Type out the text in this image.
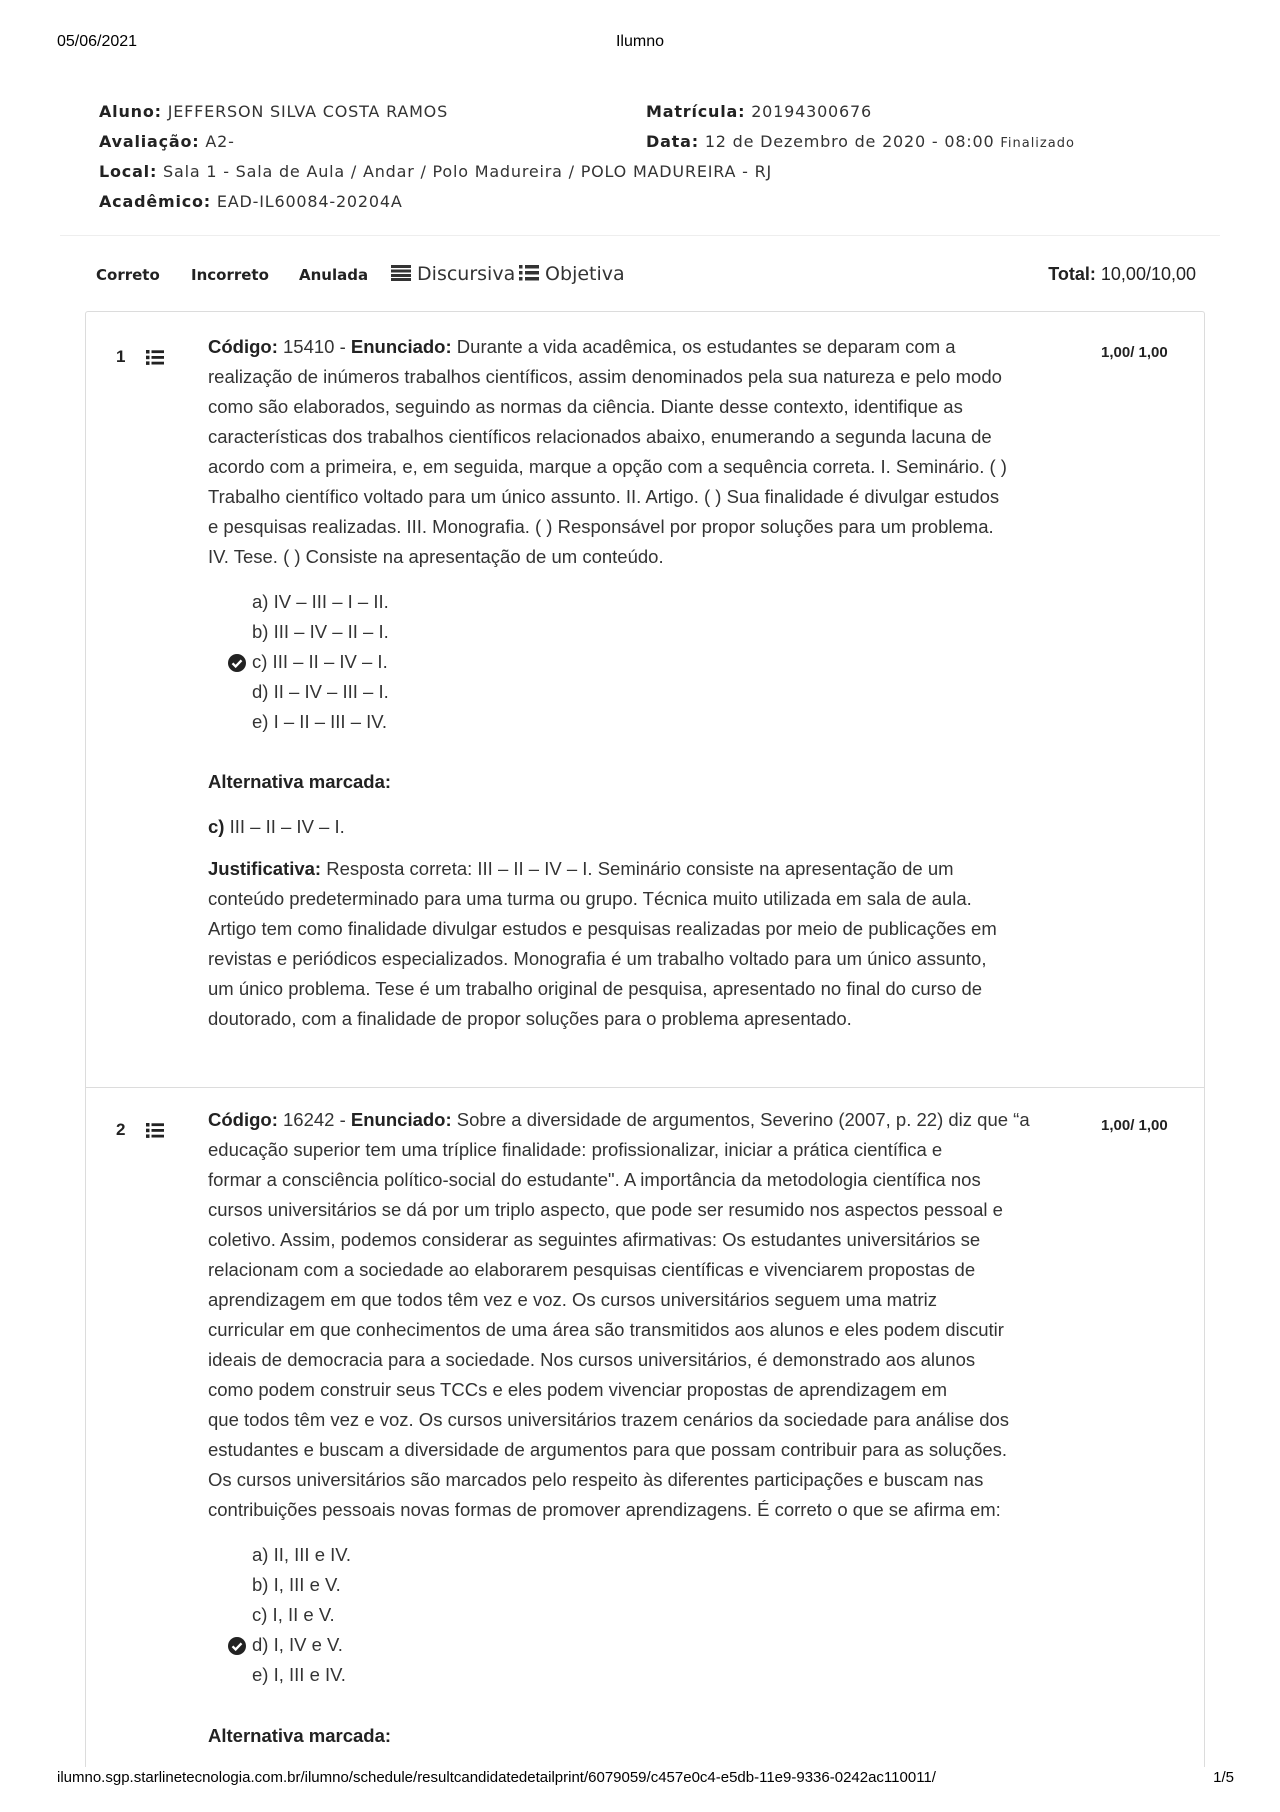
05/06/2021	Ilumno
Aluno: JEFFERSON SILVA COSTA RAMOS	Matrícula: 20194300676
Avaliação: A2-	Data: 12 de Dezembro de 2020 - 08:00 Finalizado
Local: Sala 1 - Sala de Aula / Andar / Polo Madureira / POLO MADUREIRA - RJ
Acadêmico: EAD-IL60084-20204A
Correto Incorreto Anulada	Discursiva	Objetiva	Total: 10,00/10,00
1	1,00/ 1,00
Código: 15410 - Enunciado: Durante a vida acadêmica, os estudantes se deparam com a
realização de inúmeros trabalhos científicos, assim denominados pela sua natureza e pelo modo
como são elaborados, seguindo as normas da ciência. Diante desse contexto, identifique as
características dos trabalhos científicos relacionados abaixo, enumerando a segunda lacuna de
acordo com a primeira, e, em seguida, marque a opção com a sequência correta. I. Seminário. ( )
Trabalho científico voltado para um único assunto. II. Artigo. ( ) Sua finalidade é divulgar estudos
e pesquisas realizadas. III. Monografia. ( ) Responsável por propor soluções para um problema.
IV. Tese. ( ) Consiste na apresentação de um conteúdo.
a) IV – III – I – II.
b) III – IV – II – I.
c) III – II – IV – I.
d) II – IV – III – I.
e) I – II – III – IV.
Alternativa marcada:
c) III – II – IV – I.
Justificativa: Resposta correta: III – II – IV – I. Seminário consiste na apresentação de um
conteúdo predeterminado para uma turma ou grupo. Técnica muito utilizada em sala de aula.
Artigo tem como finalidade divulgar estudos e pesquisas realizadas por meio de publicações em
revistas e periódicos especializados. Monografia é um trabalho voltado para um único assunto,
um único problema. Tese é um trabalho original de pesquisa, apresentado no final do curso de
doutorado, com a finalidade de propor soluções para o problema apresentado.
2	1,00/ 1,00
Código: 16242 - Enunciado: Sobre a diversidade de argumentos, Severino (2007, p. 22) diz que “a
educação superior tem uma tríplice finalidade: profissionalizar, iniciar a prática científica e
formar a consciência político-social do estudante". A importância da metodologia científica nos
cursos universitários se dá por um triplo aspecto, que pode ser resumido nos aspectos pessoal e
coletivo. Assim, podemos considerar as seguintes afirmativas: Os estudantes universitários se
relacionam com a sociedade ao elaborarem pesquisas científicas e vivenciarem propostas de
aprendizagem em que todos têm vez e voz. Os cursos universitários seguem uma matriz
curricular em que conhecimentos de uma área são transmitidos aos alunos e eles podem discutir
ideais de democracia para a sociedade. Nos cursos universitários, é demonstrado aos alunos
como podem construir seus TCCs e eles podem vivenciar propostas de aprendizagem em
que todos têm vez e voz. Os cursos universitários trazem cenários da sociedade para análise dos
estudantes e buscam a diversidade de argumentos para que possam contribuir para as soluções.
Os cursos universitários são marcados pelo respeito às diferentes participações e buscam nas
contribuições pessoais novas formas de promover aprendizagens. É correto o que se afirma em:
a) II, III e IV.
b) I, III e V.
c) I, II e V.
d) I, IV e V.
e) I, III e IV.
Alternativa marcada:
ilumno.sgp.starlinetecnologia.com.br/ilumno/schedule/resultcandidatedetailprint/6079059/c457e0c4-e5db-11e9-9336-0242ac110011/	1/5
